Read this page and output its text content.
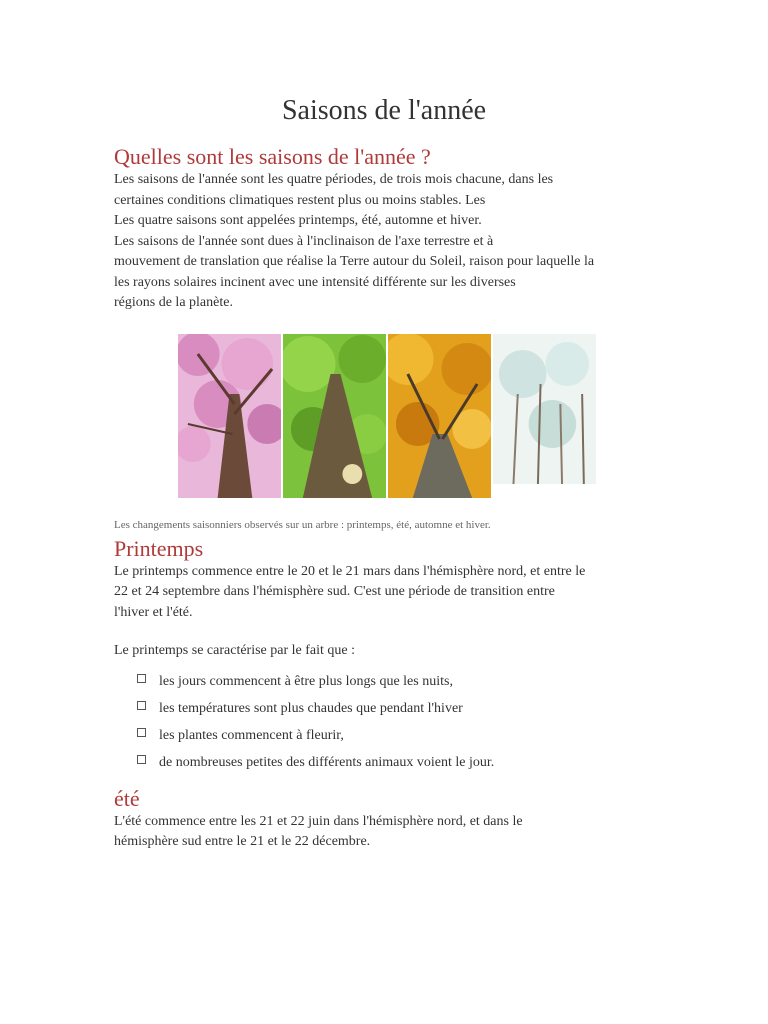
Saisons de l'année
Quelles sont les saisons de l'année ?

Les saisons de l'année sont les quatre périodes, de trois mois chacune, dans les

certaines conditions climatiques restent plus ou moins stables. Les

Les quatre saisons sont appelées printemps, été, automne et hiver.

Les saisons de l'année sont dues à l'inclinaison de l'axe terrestre et à

mouvement de translation que réalise la Terre autour du Soleil, raison pour laquelle la

les rayons solaires incinent avec une intensité différente sur les diverses

régions de la planète.

Les changements saisonniers observés sur un arbre : printemps, été, automne et hiver.

Printemps

Le printemps commence entre le 20 et le 21 mars dans l'hémisphère nord, et entre le

22 et 24 septembre dans l'hémisphère sud. C'est une période de transition entre

l'hiver et l'été.

Le printemps se caractérise par le fait que :

les jours commencent à être plus longs que les nuits,
les températures sont plus chaudes que pendant l'hiver
les plantes commencent à fleurir,
de nombreuses petites des différents animaux voient le jour.
été

L'été commence entre les 21 et 22 juin dans l'hémisphère nord, et dans le

hémisphère sud entre le 21 et le 22 décembre.
